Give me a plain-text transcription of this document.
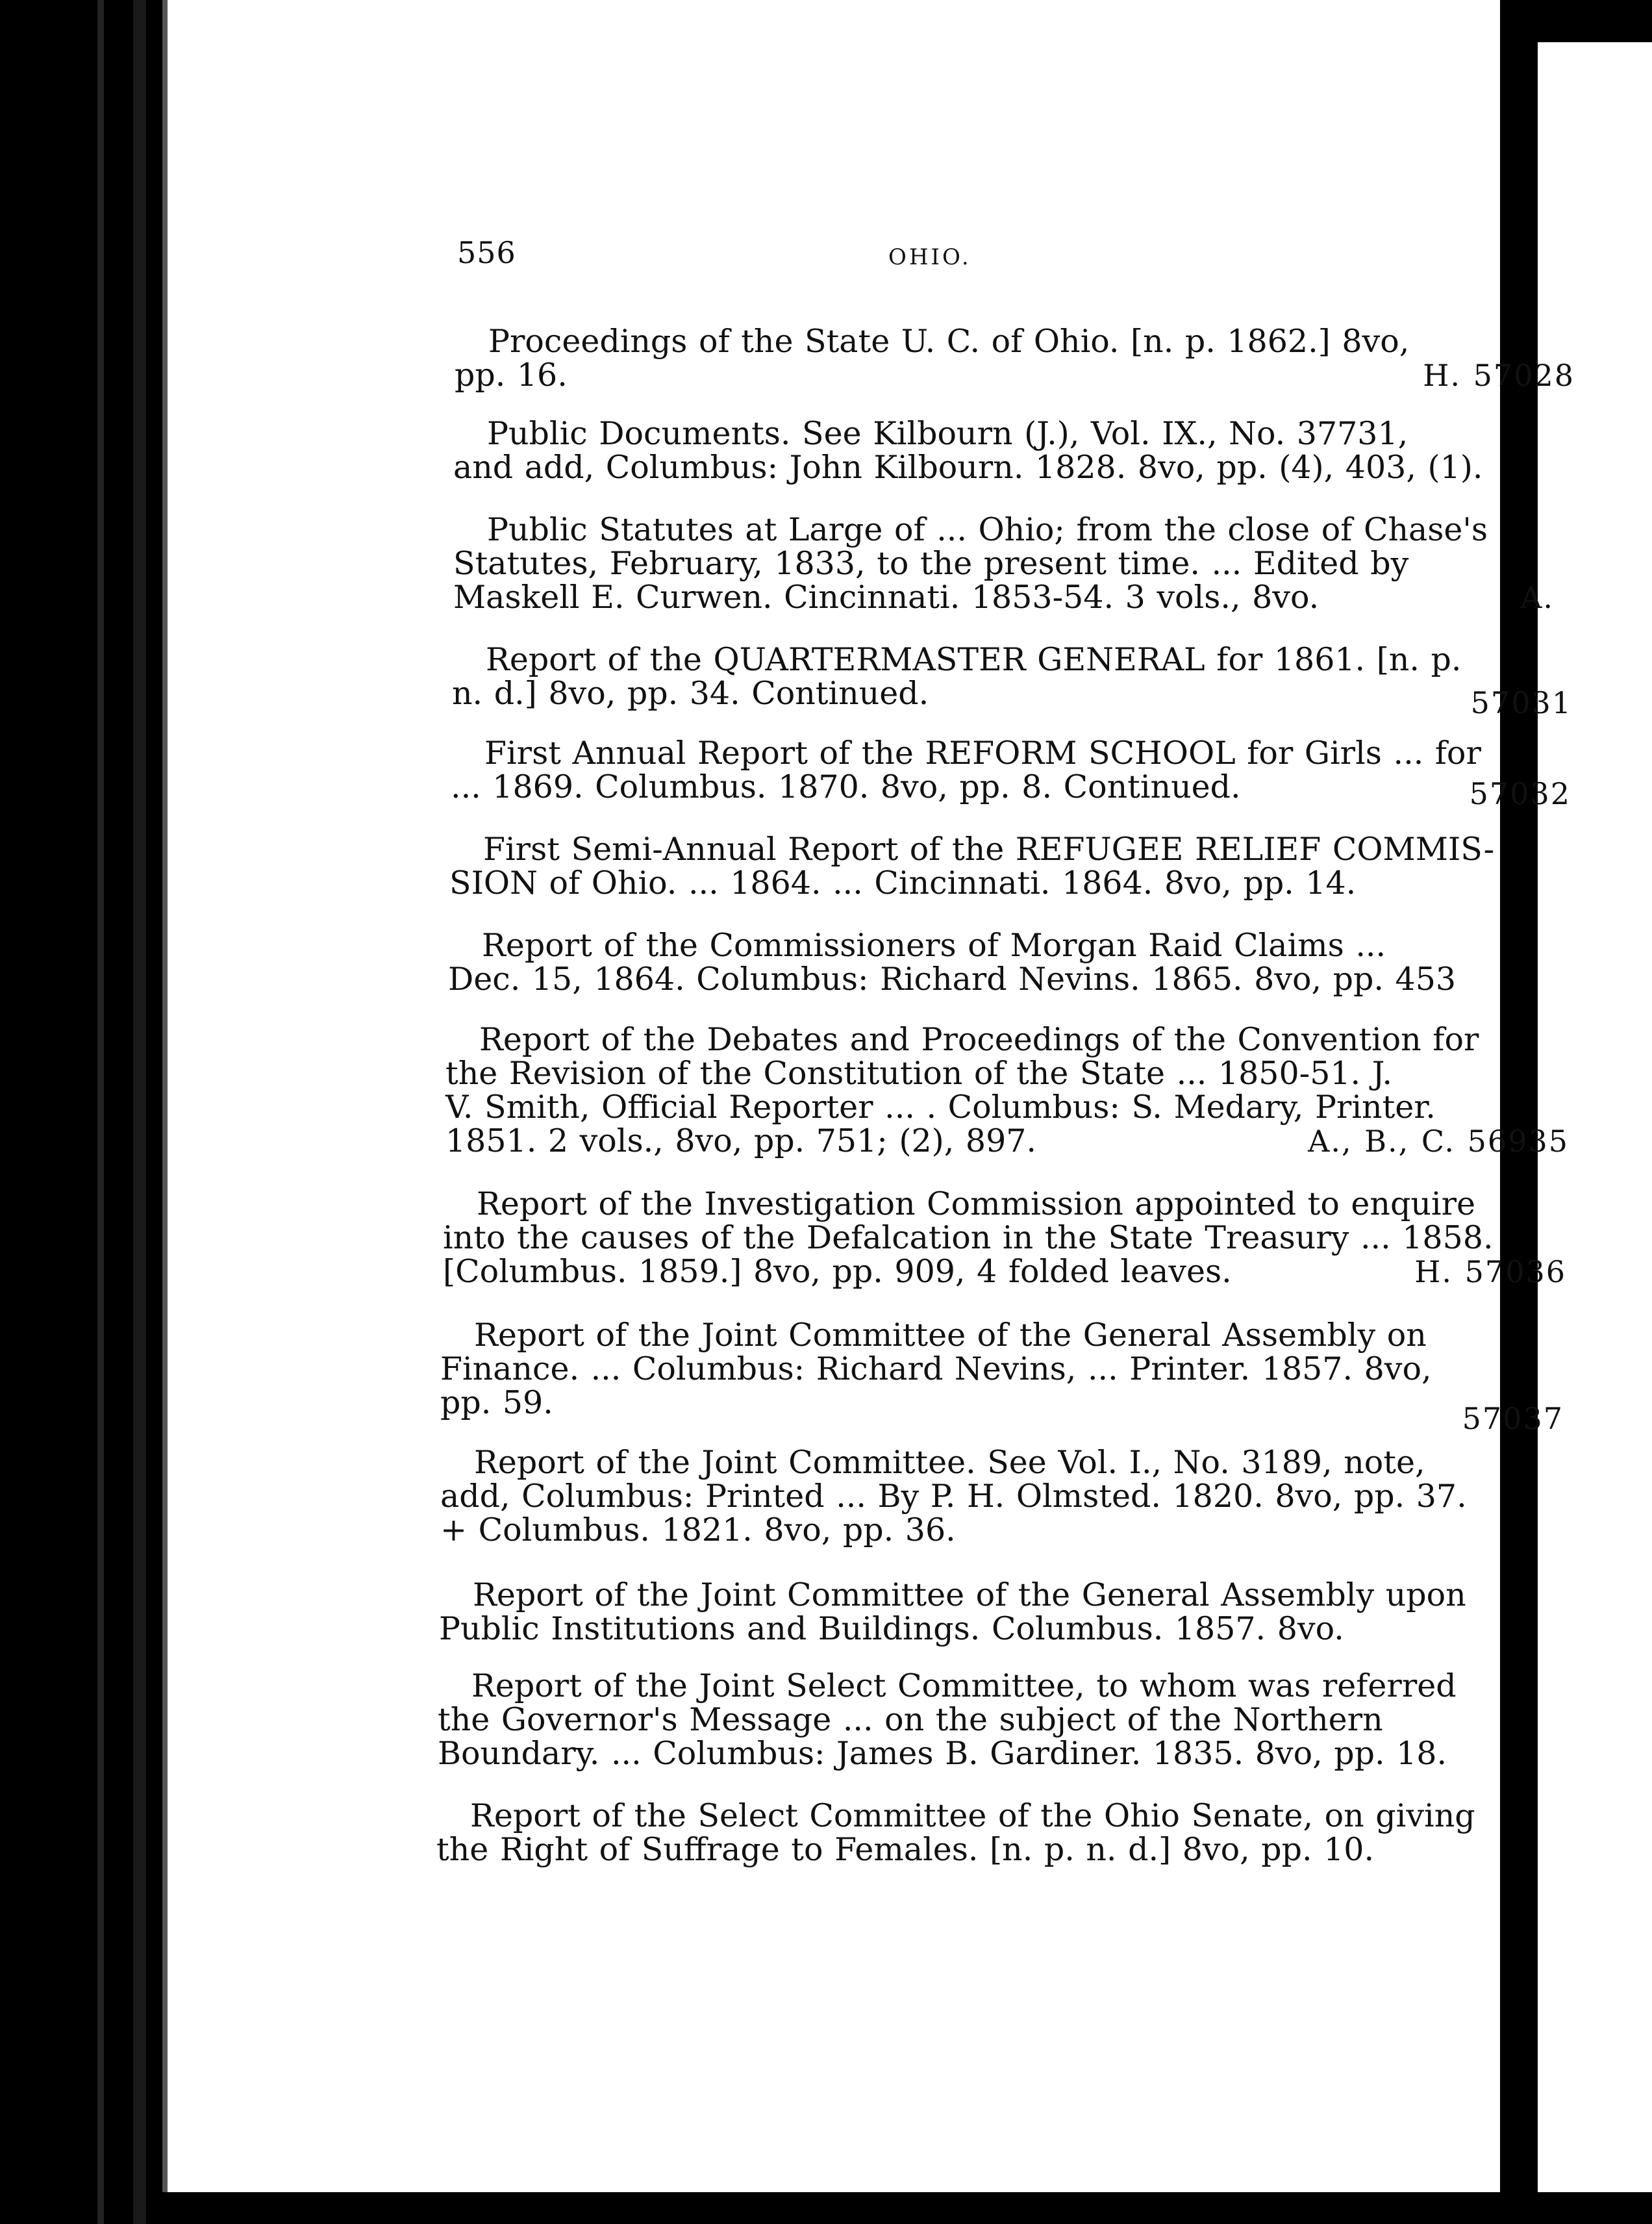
556	OHIO.
Proceedings of the State U. C. of Ohio. [n. p. 1862.] 8vo,
pp. 16.	H. 57028
Public Documents. See Kilbourn (J.), Vol. IX., No. 37731,
and add, Columbus: John Kilbourn. 1828. 8vo, pp. (4), 403, (1).
Public Statutes at Large of ... Ohio; from the close of Chase's
Statutes, February, 1833, to the present time. ... Edited by
Maskell E. Curwen. Cincinnati. 1853-54. 3 vols., 8vo.	A.
Report of the QUARTERMASTER GENERAL for 1861. [n. p.
n. d.] 8vo, pp. 34. Continued.	57031
First Annual Report of the REFORM SCHOOL for Girls ... for
... 1869. Columbus. 1870. 8vo, pp. 8. Continued.	57032
First Semi-Annual Report of the REFUGEE RELIEF COMMIS-
SION of Ohio. ... 1864. ... Cincinnati. 1864. 8vo, pp. 14.
Report of the Commissioners of Morgan Raid Claims ...
Dec. 15, 1864. Columbus: Richard Nevins. 1865. 8vo, pp. 453
Report of the Debates and Proceedings of the Convention for
the Revision of the Constitution of the State ... 1850-51. J.
V. Smith, Official Reporter ... . Columbus: S. Medary, Printer.
1851. 2 vols., 8vo, pp. 751; (2), 897.	A., B., C. 56935
Report of the Investigation Commission appointed to enquire
into the causes of the Defalcation in the State Treasury ... 1858.
[Columbus. 1859.] 8vo, pp. 909, 4 folded leaves.	H. 57036
Report of the Joint Committee of the General Assembly on
Finance. ... Columbus: Richard Nevins, ... Printer. 1857. 8vo,
pp. 59.	57037
Report of the Joint Committee. See Vol. I., No. 3189, note,
add, Columbus: Printed ... By P. H. Olmsted. 1820. 8vo, pp. 37.
+ Columbus. 1821. 8vo, pp. 36.
Report of the Joint Committee of the General Assembly upon
Public Institutions and Buildings. Columbus. 1857. 8vo.
Report of the Joint Select Committee, to whom was referred
the Governor's Message ... on the subject of the Northern
Boundary. ... Columbus: James B. Gardiner. 1835. 8vo, pp. 18.
Report of the Select Committee of the Ohio Senate, on giving
the Right of Suffrage to Females. [n. p. n. d.] 8vo, pp. 10.
